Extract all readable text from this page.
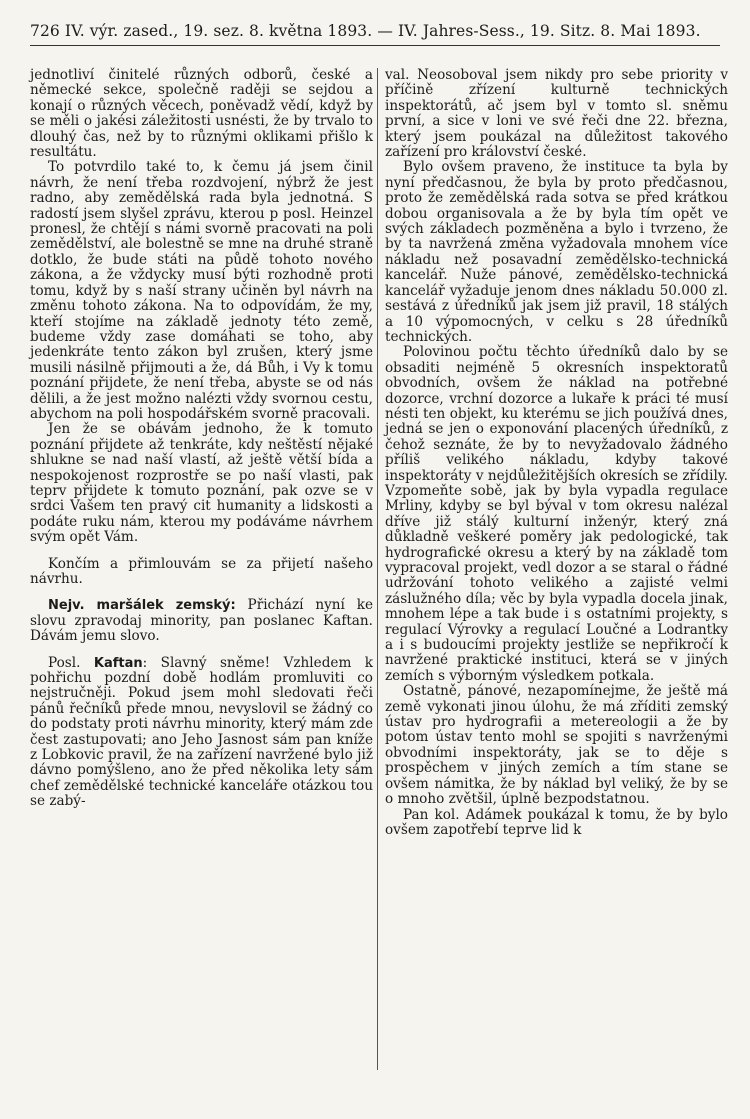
726 IV. výr. zased., 19. sez. 8. května 1893. — IV. Jahres-Sess., 19. Sitz. 8. Mai 1893.

jednotliví činitelé různých odborů, české a německé sekce, společně raději se sejdou a konají o různých věcech, poněvadž vědí, když by se měli o jakési záležitosti usnésti, že by trvalo to dlouhý čas, než by to různými oklikami přišlo k resultátu.

To potvrdilo také to, k čemu já jsem činil návrh, že není třeba rozdvojení, nýbrž že jest radno, aby zemědělská rada byla jednotná. S radostí jsem slyšel zprávu, kterou p posl. Heinzel pronesl, že chtějí s námi svorně pracovati na poli zemědělství, ale bolestně se mne na druhé straně dotklo, že bude státi na půdě tohoto nového zákona, a že vždycky musí býti rozhodně proti tomu, když by s naší strany učiněn byl návrh na změnu tohoto zákona. Na to odpovídám, že my, kteří stojíme na základě jednoty této země, budeme vždy zase domáhati se toho, aby jedenkráte tento zákon byl zrušen, který jsme musili násilně přijmouti a že, dá Bůh, i Vy k tomu poznání přijdete, že není třeba, abyste se od nás dělili, a že jest možno nalézti vždy svornou cestu, abychom na poli hospodářském svorně pracovali.

Jen že se obávám jednoho, že k tomuto poznání přijdete až tenkráte, kdy neštěstí nějaké shlukne se nad naší vlastí, až ještě větší bída a nespokojenost rozprostře se po naší vlasti, pak teprv přijdete k tomuto poznání, pak ozve se v srdci Vašem ten pravý cit humanity a lidskosti a podáte ruku nám, kterou my podáváme návrhem svým opět Vám.

Končím a přimlouvám se za přijetí našeho návrhu.

Nejv. maršálek zemský: Přichází nyní ke slovu zpravodaj minority, pan poslanec Kaftan. Dávám jemu slovo.

Posl. Kaftan: Slavný sněme! Vzhledem k pohřichu pozdní době hodlám promluviti co nejstručněji. Pokud jsem mohl sledovati řeči pánů řečníků přede mnou, nevyslovil se žádný co do podstaty proti návrhu minority, který mám zde čest zastupovati; ano Jeho Jasnost sám pan kníže z Lobkovic pravil, že na zařízení navržené bylo již dávno pomýšleno, ano že před několika lety sám chef zemědělské technické kanceláře otázkou tou se zabý-

val. Neosoboval jsem nikdy pro sebe priority v příčině zřízení kulturně technických inspektorátů, ač jsem byl v tomto sl. sněmu první, a sice v loni ve své řeči dne 22. března, který jsem poukázal na důležitost takového zařízení pro království české.

Bylo ovšem praveno, že instituce ta byla by nyní předčasnou, že byla by proto předčasnou, proto že zemědělská rada sotva se před krátkou dobou organisovala a že by byla tím opět ve svých základech pozměněna a bylo i tvrzeno, že by ta navržená změna vyžadovala mnohem více nákladu než posavadní zemědělsko-technická kancelář. Nuže pánové, zemědělsko-technická kancelář vyžaduje jenom dnes nákladu 50.000 zl. sestává z úředníků jak jsem již pravil, 18 stálých a 10 výpomocných, v celku s 28 úředníků technických.

Polovinou počtu těchto úředníků dalo by se obsaditi nejméně 5 okresních inspektoratů obvodních, ovšem že náklad na potřebné dozorce, vrchní dozorce a lukaře k práci té musí nésti ten objekt, ku kterému se jich používá dnes, jedná se jen o exponování placených úředníků, z čehož seznáte, že by to nevyžadovalo žádného příliš velikého nákladu, kdyby takové inspektoráty v nejdůležitějších okresích se zřídily. Vzpomeňte sobě, jak by byla vypadla regulace Mrliny, kdyby se byl býval v tom okresu nalézal dříve již stálý kulturní inženýr, který zná důkladně veškeré poměry jak pedologické, tak hydrografické okresu a který by na základě tom vypracoval projekt, vedl dozor a se staral o řádné udržování tohoto velikého a zajisté velmi záslužného díla; věc by byla vypadla docela jinak, mnohem lépe a tak bude i s ostatními projekty, s regulací Výrovky a regulací Loučné a Lodrantky a i s budoucími projekty jestliže se nepřikročí k navržené praktické instituci, která se v jiných zemích s výborným výsledkem potkala.

Ostatně, pánové, nezapomínejme, že ještě má země vykonati jinou úlohu, že má zříditi zemský ústav pro hydrografii a metereologii a že by potom ústav tento mohl se spojiti s navrženými obvodními inspektoráty, jak se to děje s prospěchem v jiných zemích a tím stane se ovšem námitka, že by náklad byl veliký, že by se o mnoho zvětšil, úplně bezpodstatnou.

Pan kol. Adámek poukázal k tomu, že by bylo ovšem zapotřebí teprve lid k
